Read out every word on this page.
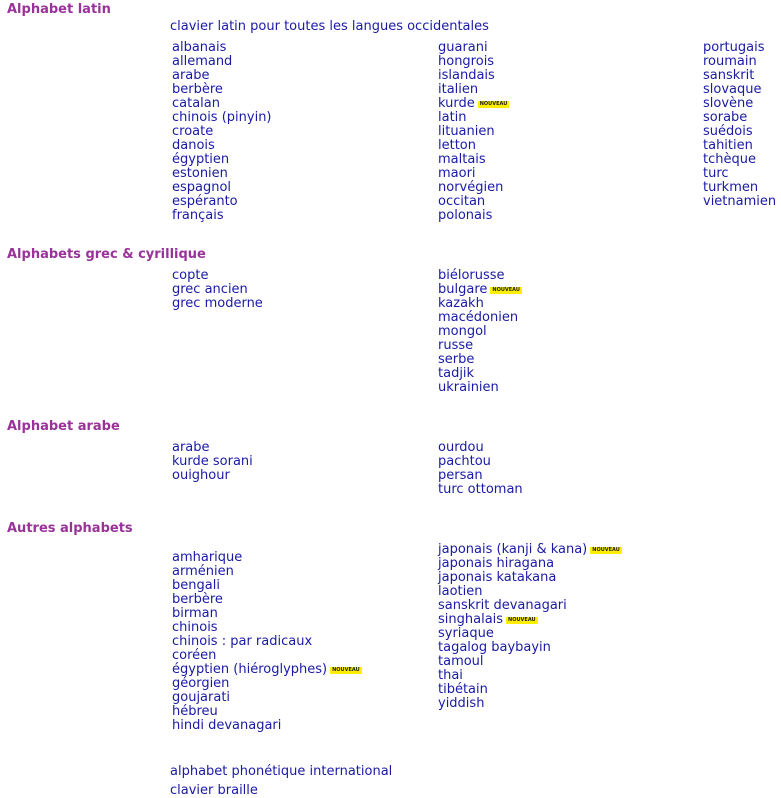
Alphabet latin
clavier latin pour toutes les langues occidentales
albanais
allemand
arabe
berbère
catalan
chinois (pinyin)
croate
danois
égyptien
estonien
espagnol
espéranto
français
guarani
hongrois
islandais
italien
kurde NOUVEAU
latin
lituanien
letton
maltais
maori
norvégien
occitan
polonais
portugais
roumain
sanskrit
slovaque
slovène
sorabe
suédois
tahitien
tchèque
turc
turkmen
vietnamien
Alphabets grec & cyrillique
copte
grec ancien
grec moderne
biélorusse
bulgare NOUVEAU
kazakh
macédonien
mongol
russe
serbe
tadjik
ukrainien
Alphabet arabe
arabe
kurde sorani
ouighour
ourdou
pachtou
persan
turc ottoman
Autres alphabets
amharique
arménien
bengali
berbère
birman
chinois
chinois : par radicaux
coréen
égyptien (hiéroglyphes) NOUVEAU
géorgien
goujarati
hébreu
hindi devanagari
japonais (kanji & kana) NOUVEAU
japonais hiragana
japonais katakana
laotien
sanskrit devanagari
singhalais NOUVEAU
syriaque
tagalog baybayin
tamoul
thai
tibétain
yiddish
alphabet phonétique international
clavier braille
